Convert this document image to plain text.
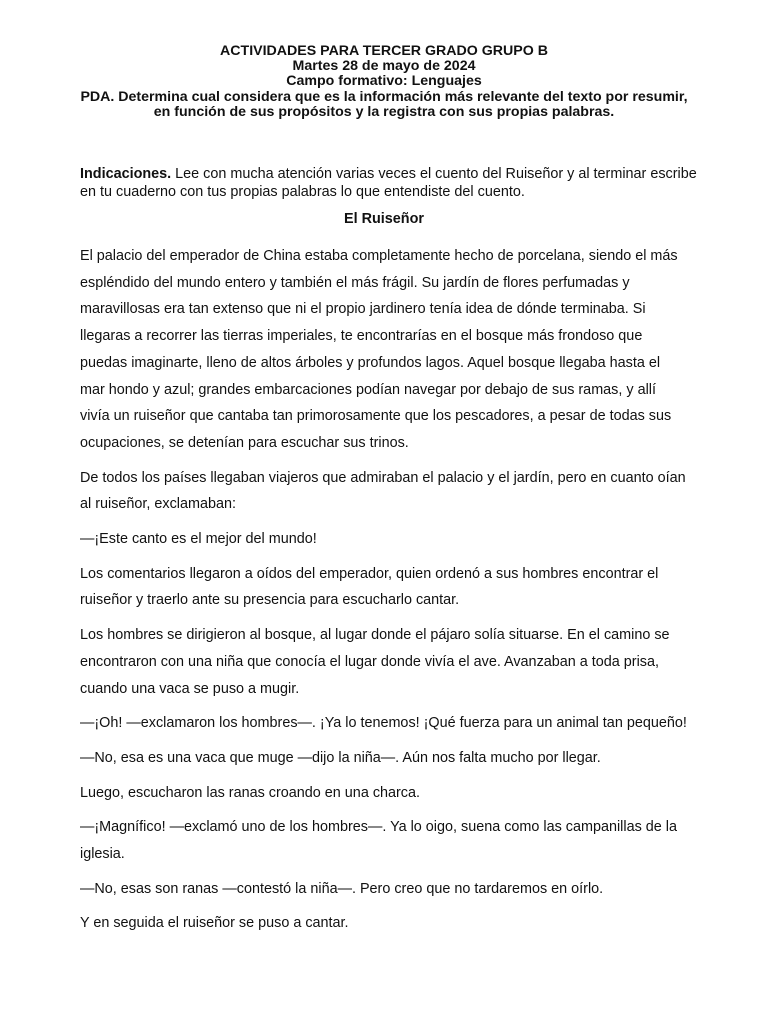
ACTIVIDADES PARA TERCER GRADO GRUPO B
Martes 28 de mayo de 2024
Campo formativo: Lenguajes
PDA. Determina cual considera que es la información más relevante del texto por resumir,
en función de sus propósitos y la registra con sus propias palabras.
Indicaciones. Lee con mucha atención varias veces el cuento del Ruiseñor y al terminar escribe en tu cuaderno con tus propias palabras lo que entendiste del cuento.
El Ruiseñor

El palacio del emperador de China estaba completamente hecho de porcelana, siendo el más espléndido del mundo entero y también el más frágil. Su jardín de flores perfumadas y maravillosas era tan extenso que ni el propio jardinero tenía idea de dónde terminaba. Si llegaras a recorrer las tierras imperiales, te encontrarías en el bosque más frondoso que puedas imaginarte, lleno de altos árboles y profundos lagos. Aquel bosque llegaba hasta el mar hondo y azul; grandes embarcaciones podían navegar por debajo de sus ramas, y allí vivía un ruiseñor que cantaba tan primorosamente que los pescadores, a pesar de todas sus ocupaciones, se detenían para escuchar sus trinos.

De todos los países llegaban viajeros que admiraban el palacio y el jardín, pero en cuanto oían al ruiseñor, exclamaban:

—¡Este canto es el mejor del mundo!

Los comentarios llegaron a oídos del emperador, quien ordenó a sus hombres encontrar el ruiseñor y traerlo ante su presencia para escucharlo cantar.

Los hombres se dirigieron al bosque, al lugar donde el pájaro solía situarse. En el camino se encontraron con una niña que conocía el lugar donde vivía el ave. Avanzaban a toda prisa, cuando una vaca se puso a mugir.

—¡Oh! —exclamaron los hombres—. ¡Ya lo tenemos! ¡Qué fuerza para un animal tan pequeño!

—No, esa es una vaca que muge —dijo la niña—. Aún nos falta mucho por llegar.

Luego, escucharon las ranas croando en una charca.

—¡Magnífico! —exclamó uno de los hombres—. Ya lo oigo, suena como las campanillas de la iglesia.

—No, esas son ranas —contestó la niña—. Pero creo que no tardaremos en oírlo.

Y en seguida el ruiseñor se puso a cantar.
